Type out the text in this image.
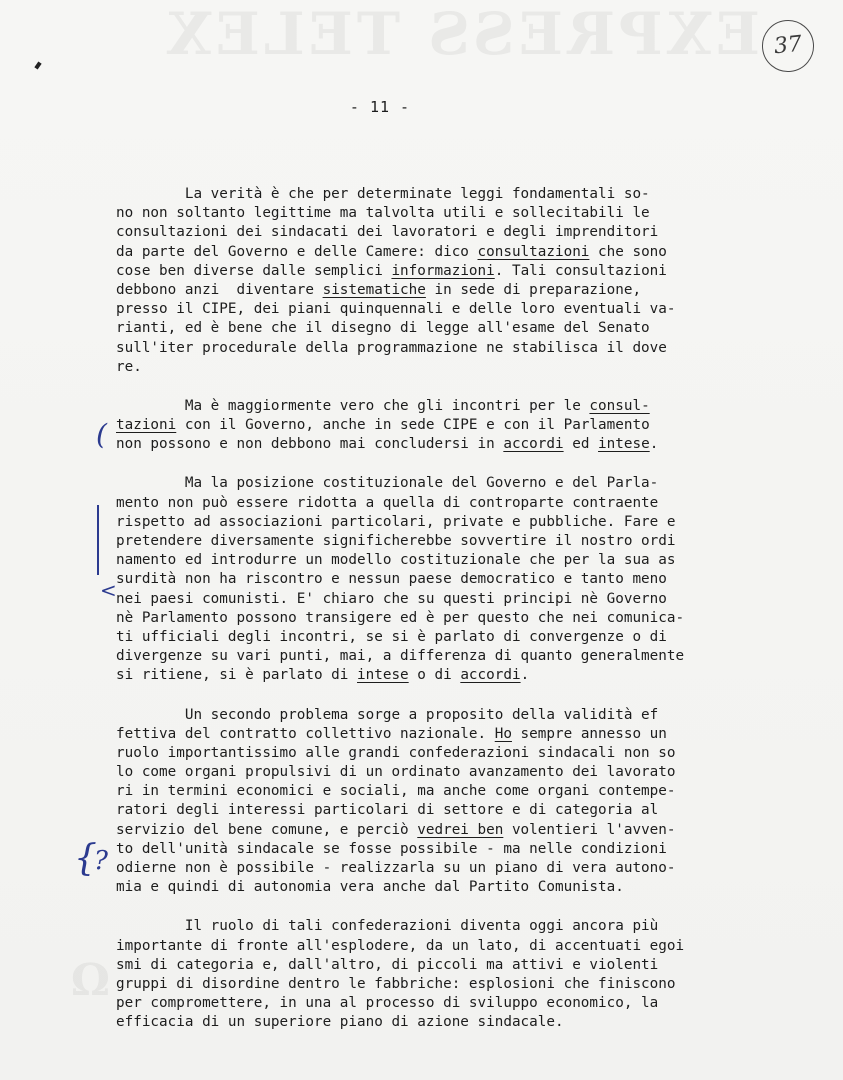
EXPRESS TELEX
Ω
37
- 11 -
(
<
{
?
La verità è che per determinate leggi fondamentali so-
no non soltanto legittime ma talvolta utili e sollecitabili le
consultazioni dei sindacati dei lavoratori e degli imprenditori
da parte del Governo e delle Camere: dico consultazioni che sono
cose ben diverse dalle semplici informazioni. Tali consultazioni
debbono anzi  diventare sistematiche in sede di preparazione,
presso il CIPE, dei piani quinquennali e delle loro eventuali va-
rianti, ed è bene che il disegno di legge all'esame del Senato
sull'iter procedurale della programmazione ne stabilisca il dove
re.
Ma è maggiormente vero che gli incontri per le consul-
tazioni con il Governo, anche in sede CIPE e con il Parlamento
non possono e non debbono mai concludersi in accordi ed intese.
Ma la posizione costituzionale del Governo e del Parla-
mento non può essere ridotta a quella di controparte contraente
rispetto ad associazioni particolari, private e pubbliche. Fare e
pretendere diversamente significherebbe sovvertire il nostro ordi
namento ed introdurre un modello costituzionale che per la sua as
surdità non ha riscontro e nessun paese democratico e tanto meno
nei paesi comunisti. E' chiaro che su questi principi nè Governo
nè Parlamento possono transigere ed è per questo che nei comunica-
ti ufficiali degli incontri, se si è parlato di convergenze o di
divergenze su vari punti, mai, a differenza di quanto generalmente
si ritiene, si è parlato di intese o di accordi.
Un secondo problema sorge a proposito della validità ef
fettiva del contratto collettivo nazionale. Ho sempre annesso un
ruolo importantissimo alle grandi confederazioni sindacali non so
lo come organi propulsivi di un ordinato avanzamento dei lavorato
ri in termini economici e sociali, ma anche come organi contempe-
ratori degli interessi particolari di settore e di categoria al
servizio del bene comune, e perciò vedrei ben volentieri l'avven-
to dell'unità sindacale se fosse possibile - ma nelle condizioni
odierne non è possibile - realizzarla su un piano di vera autono-
mia e quindi di autonomia vera anche dal Partito Comunista.
Il ruolo di tali confederazioni diventa oggi ancora più
importante di fronte all'esplodere, da un lato, di accentuati egoi
smi di categoria e, dall'altro, di piccoli ma attivi e violenti
gruppi di disordine dentro le fabbriche: esplosioni che finiscono
per compromettere, in una al processo di sviluppo economico, la
efficacia di un superiore piano di azione sindacale.
